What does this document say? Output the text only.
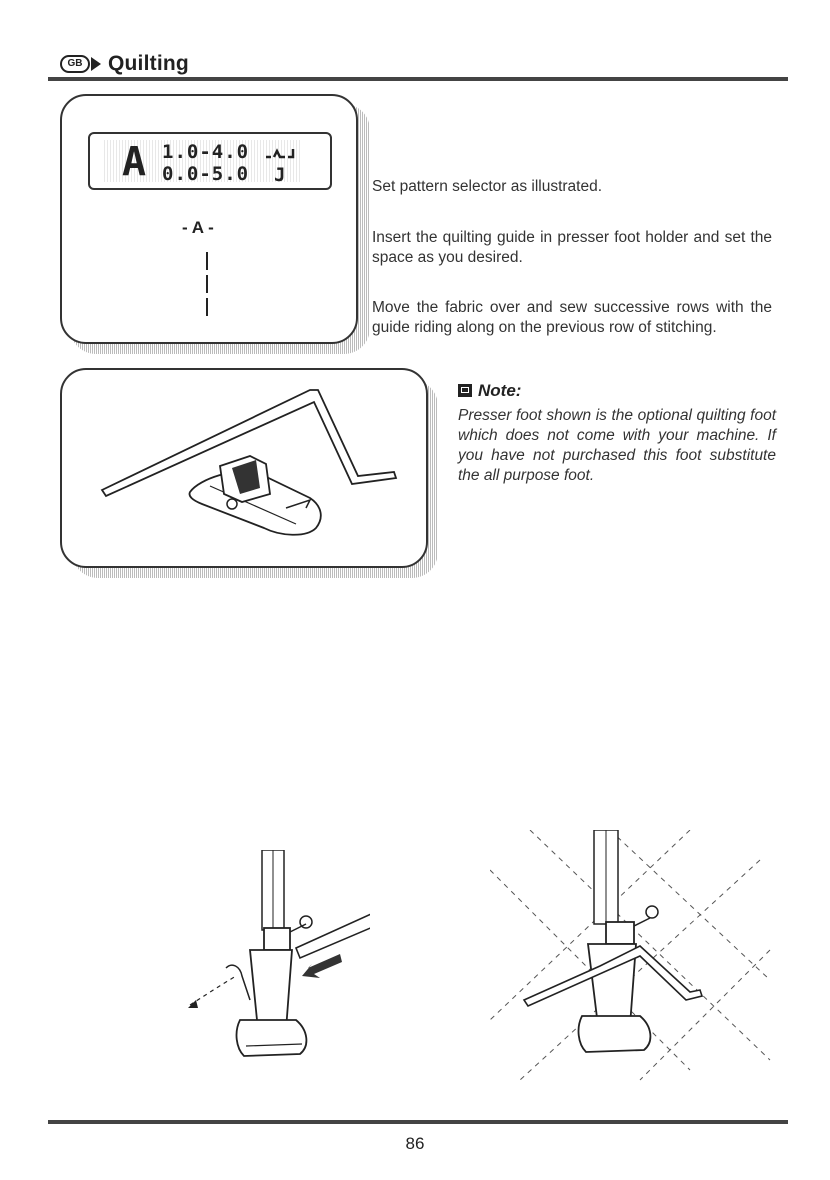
GB	Quilting
A 1.0-4.0
0.0-5.0 J
- A -
Set pattern selector as illustrated.
Insert the quilting guide in presser foot holder and set the space as you desired.
Move the fabric over and sew successive rows with the guide riding along on the previous row of stitching.
Note:
Presser foot shown is the optional quilting foot which does not come with your machine. If you have not purchased this foot substitute the all purpose foot.
86
